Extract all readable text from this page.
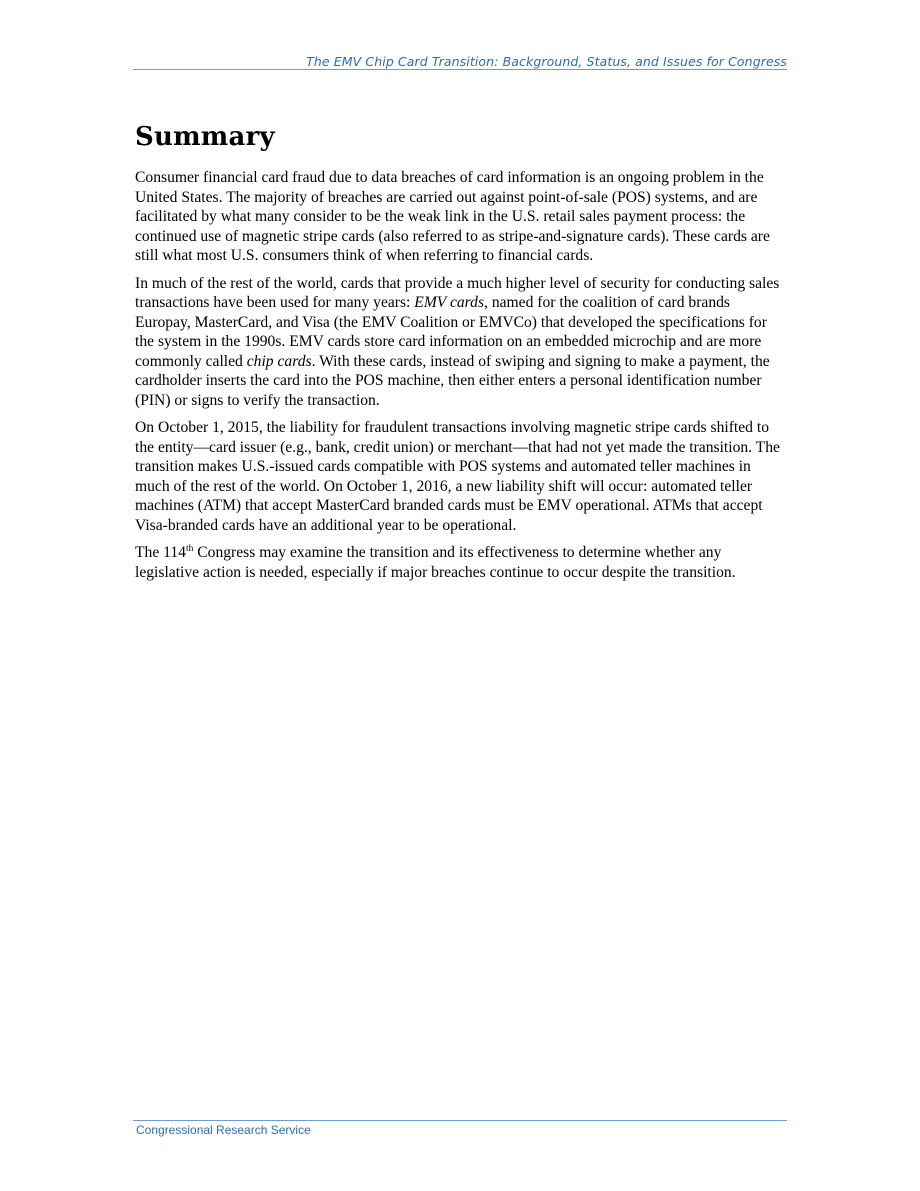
The EMV Chip Card Transition: Background, Status, and Issues for Congress
Summary

Consumer financial card fraud due to data breaches of card information is an ongoing problem in the United States. The majority of breaches are carried out against point-of-sale (POS) systems, and are facilitated by what many consider to be the weak link in the U.S. retail sales payment process: the continued use of magnetic stripe cards (also referred to as stripe-and-signature cards). These cards are still what most U.S. consumers think of when referring to financial cards.

In much of the rest of the world, cards that provide a much higher level of security for conducting sales transactions have been used for many years: EMV cards, named for the coalition of card brands Europay, MasterCard, and Visa (the EMV Coalition or EMVCo) that developed the specifications for the system in the 1990s. EMV cards store card information on an embedded microchip and are more commonly called chip cards. With these cards, instead of swiping and signing to make a payment, the cardholder inserts the card into the POS machine, then either enters a personal identification number (PIN) or signs to verify the transaction.

On October 1, 2015, the liability for fraudulent transactions involving magnetic stripe cards shifted to the entity—card issuer (e.g., bank, credit union) or merchant—that had not yet made the transition. The transition makes U.S.-issued cards compatible with POS systems and automated teller machines in much of the rest of the world. On October 1, 2016, a new liability shift will occur: automated teller machines (ATM) that accept MasterCard branded cards must be EMV operational. ATMs that accept Visa-branded cards have an additional year to be operational.

The 114th Congress may examine the transition and its effectiveness to determine whether any legislative action is needed, especially if major breaches continue to occur despite the transition.

Congressional Research Service
